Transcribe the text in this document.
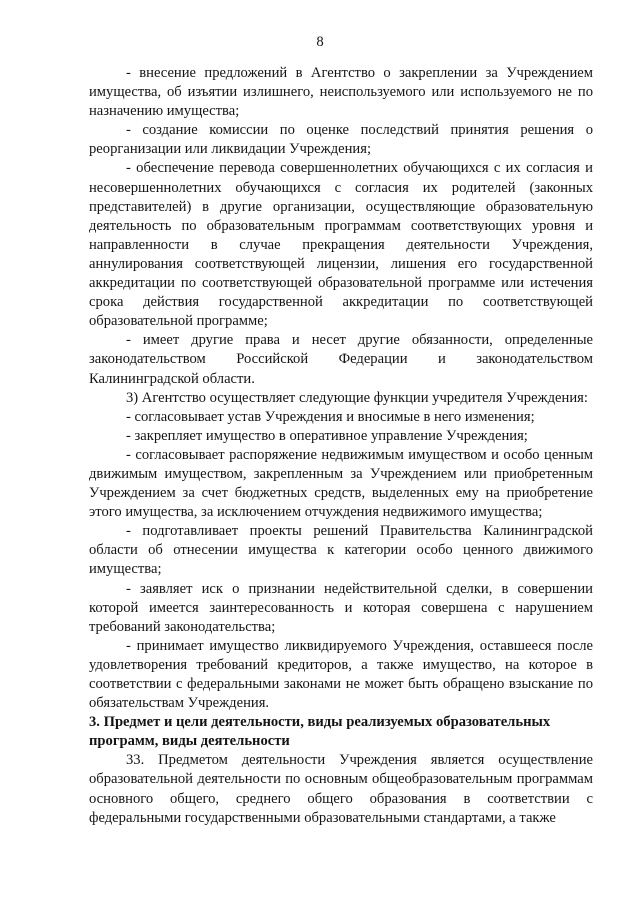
8

- внесение предложений в Агентство о закреплении за Учреждением имущества, об изъятии излишнего, неиспользуемого или используемого не по назначению имущества;

- создание комиссии по оценке последствий принятия решения о реорганизации или ликвидации Учреждения;

- обеспечение перевода совершеннолетних обучающихся с их согласия и несовершеннолетних обучающихся с согласия их родителей (законных представителей) в другие организации, осуществляющие образовательную деятельность по образовательным программам соответствующих уровня и направленности в случае прекращения деятельности Учреждения, аннулирования соответствующей лицензии, лишения его государственной аккредитации по соответствующей образовательной программе или истечения срока действия государственной аккредитации по соответствующей образовательной программе;

- имеет другие права и несет другие обязанности, определенные законодательством Российской Федерации и законодательством Калининградской области.

3) Агентство осуществляет следующие функции учредителя Учреждения:

- согласовывает устав Учреждения и вносимые в него изменения;

- закрепляет имущество в оперативное управление Учреждения;

- согласовывает распоряжение недвижимым имуществом и особо ценным движимым имуществом, закрепленным за Учреждением или приобретенным Учреждением за счет бюджетных средств, выделенных ему на приобретение этого имущества, за исключением отчуждения недвижимого имущества;

- подготавливает проекты решений Правительства Калининградской области об отнесении имущества к категории особо ценного движимого имущества;

- заявляет иск о признании недействительной сделки, в совершении которой имеется заинтересованность и которая совершена с нарушением требований законодательства;

- принимает имущество ликвидируемого Учреждения, оставшееся после удовлетворения требований кредиторов, а также имущество, на которое в соответствии с федеральными законами не может быть обращено взыскание по обязательствам Учреждения.

3. Предмет и цели деятельности, виды реализуемых образовательных
программ, виды деятельности

33. Предметом деятельности Учреждения является осуществление образовательной деятельности по основным общеобразовательным программам основного общего, среднего общего образования в соответствии с федеральными государственными образовательными стандартами, а также
